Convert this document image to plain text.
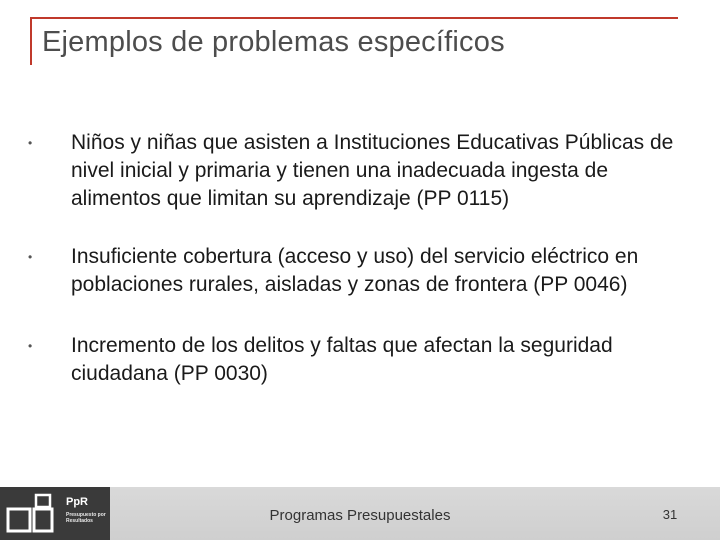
Ejemplos de problemas específicos
• Niños y niñas que asisten a Instituciones Educativas Públicas de nivel inicial y primaria y tienen una inadecuada ingesta de alimentos que limitan su aprendizaje (PP 0115)
• Insuficiente cobertura (acceso y uso) del servicio eléctrico en poblaciones rurales, aisladas y zonas de frontera (PP 0046)
• Incremento de los delitos y faltas que afectan la seguridad ciudadana (PP 0030)
PpR
Presupuesto por Resultados	Programas Presupuestales	31
